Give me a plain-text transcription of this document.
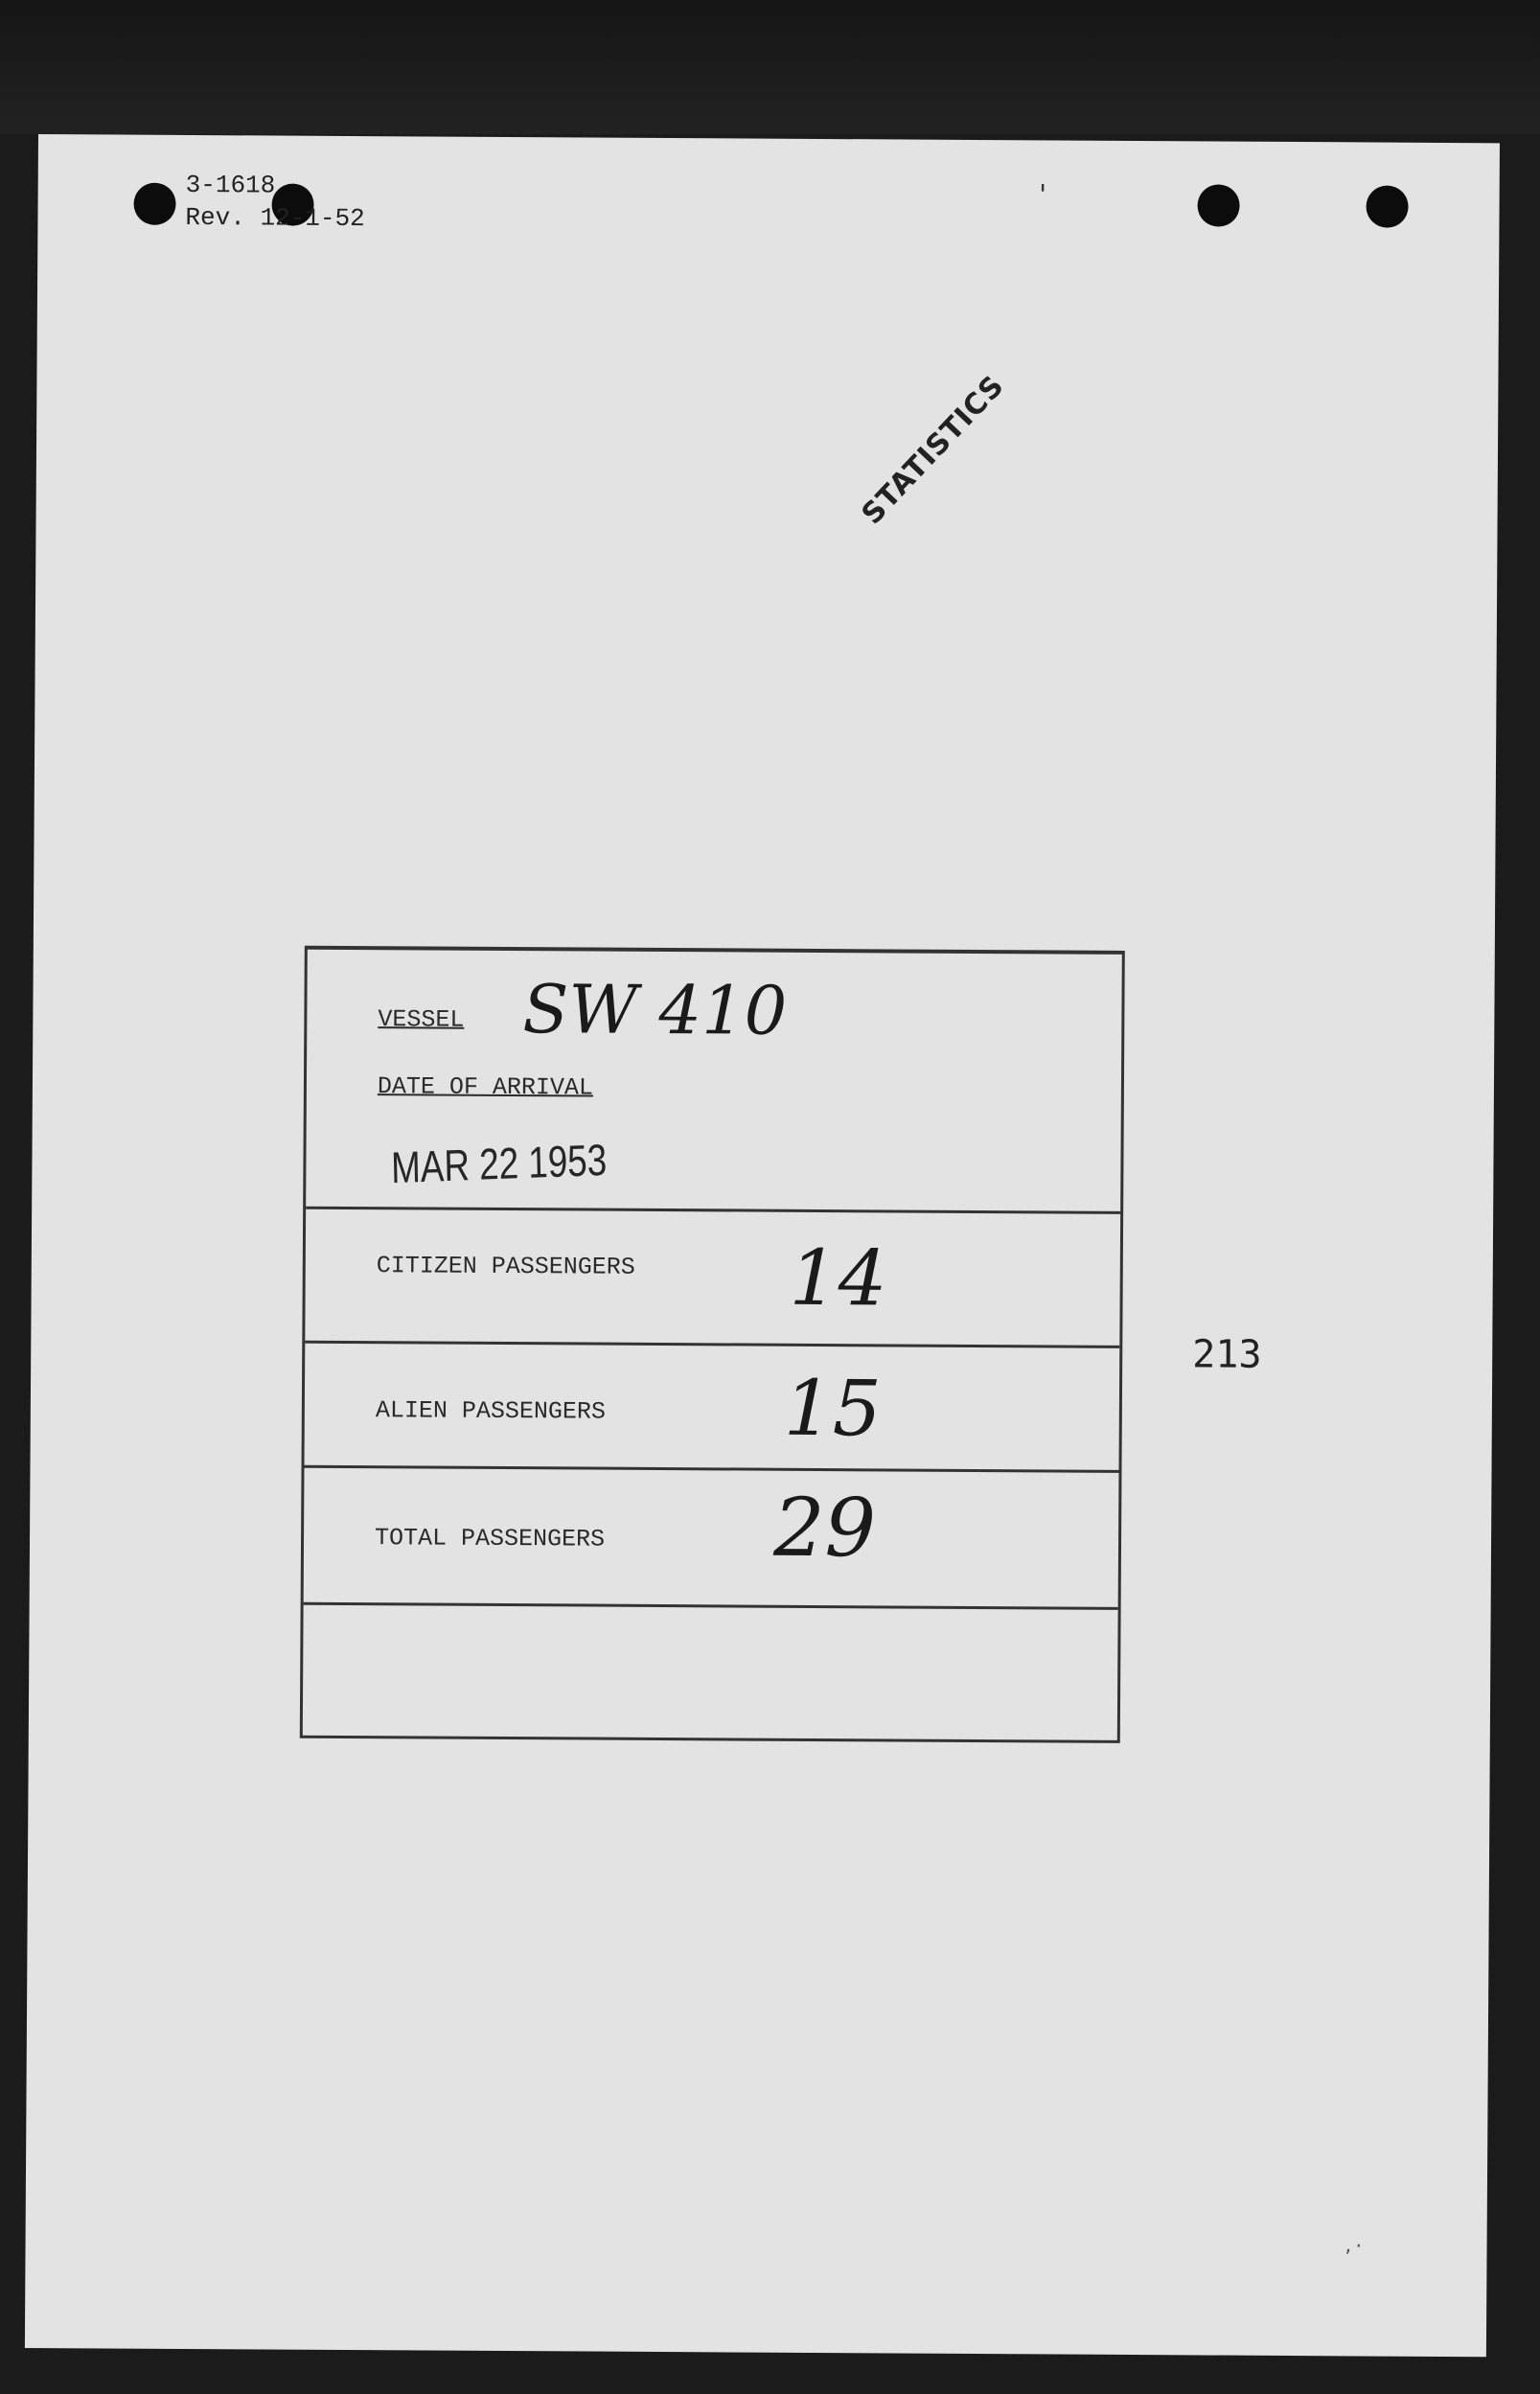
3-1618
Rev. 12-1-52
'
STATISTICS
VESSEL SW 410
DATE OF ARRIVAL
MAR 22 1953
CITIZEN PASSENGERS 14
ALIEN PASSENGERS 15
TOTAL PASSENGERS 29
213
,·
